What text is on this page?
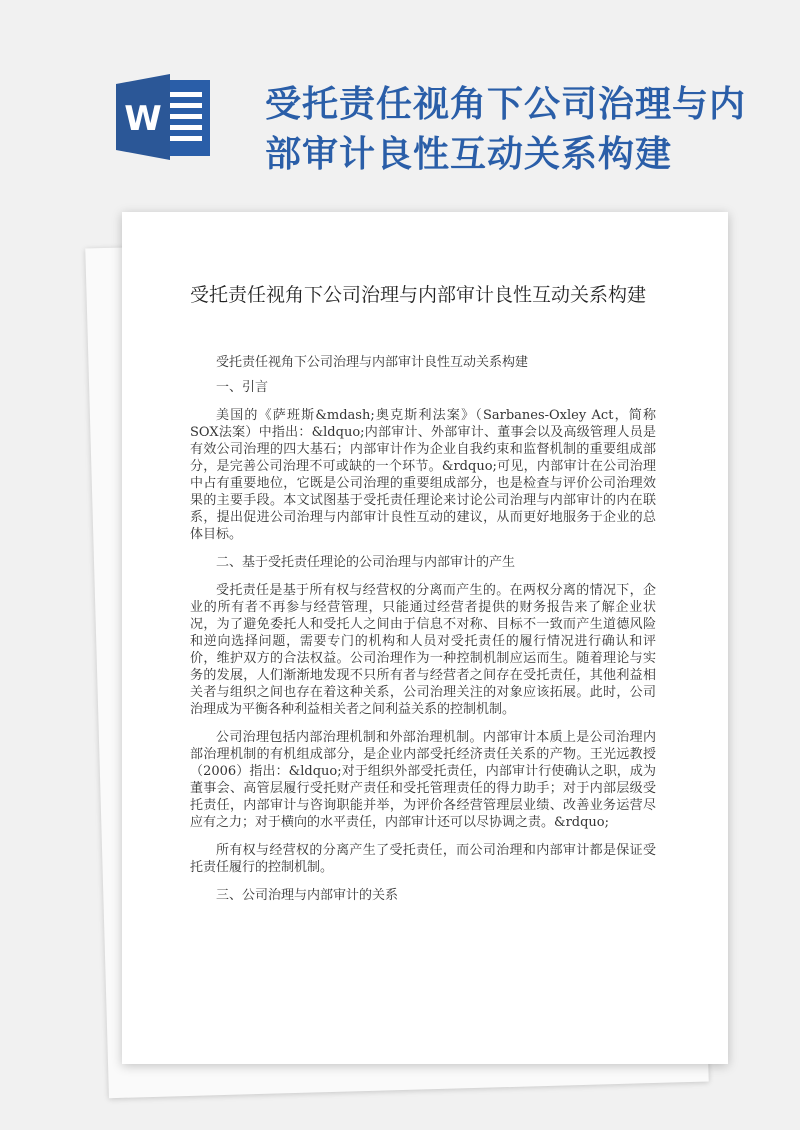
W	受托责任视角下公司治理与内
部审计良性互动关系构建
受托责任视角下公司治理与内部审计良性互动关系构建

受托责任视角下公司治理与内部审计良性互动关系构建

一、引言

美国的《萨班斯&mdash;奥克斯利法案》（Sarbanes-Oxley Act，简称SOX法案）中指出：&ldquo;内部审计、外部审计、董事会以及高级管理人员是有效公司治理的四大基石；内部审计作为企业自我约束和监督机制的重要组成部分，是完善公司治理不可或缺的一个环节。&rdquo;可见，内部审计在公司治理中占有重要地位，它既是公司治理的重要组成部分，也是检查与评价公司治理效果的主要手段。本文试图基于受托责任理论来讨论公司治理与内部审计的内在联系，提出促进公司治理与内部审计良性互动的建议，从而更好地服务于企业的总体目标。

二、基于受托责任理论的公司治理与内部审计的产生

受托责任是基于所有权与经营权的分离而产生的。在两权分离的情况下，企业的所有者不再参与经营管理，只能通过经营者提供的财务报告来了解企业状况，为了避免委托人和受托人之间由于信息不对称、目标不一致而产生道德风险和逆向选择问题，需要专门的机构和人员对受托责任的履行情况进行确认和评价，维护双方的合法权益。公司治理作为一种控制机制应运而生。随着理论与实务的发展，人们渐渐地发现不只所有者与经营者之间存在受托责任，其他利益相关者与组织之间也存在着这种关系，公司治理关注的对象应该拓展。此时，公司治理成为平衡各种利益相关者之间利益关系的控制机制。

公司治理包括内部治理机制和外部治理机制。内部审计本质上是公司治理内部治理机制的有机组成部分，是企业内部受托经济责任关系的产物。王光远教授（2006）指出：&ldquo;对于组织外部受托责任，内部审计行使确认之职，成为董事会、高管层履行受托财产责任和受托管理责任的得力助手；对于内部层级受托责任，内部审计与咨询职能并举，为评价各经营管理层业绩、改善业务运营尽应有之力；对于横向的水平责任，内部审计还可以尽协调之责。&rdquo;

所有权与经营权的分离产生了受托责任，而公司治理和内部审计都是保证受托责任履行的控制机制。

三、公司治理与内部审计的关系
